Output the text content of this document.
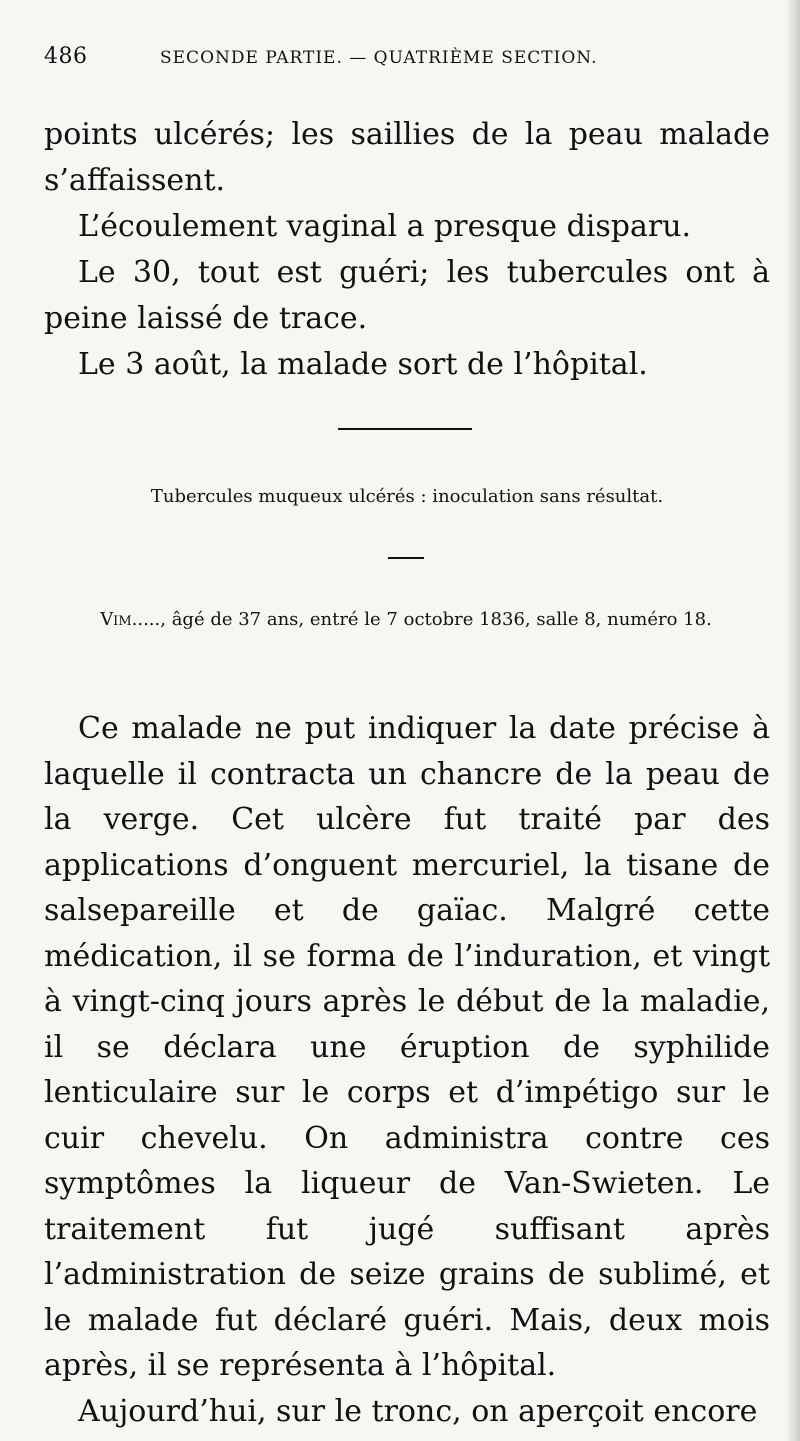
486	SECONDE PARTIE. — QUATRIÈME SECTION.

points ulcérés; les saillies de la peau malade s’affaissent.

L’écoulement vaginal a presque disparu.

Le 30, tout est guéri; les tubercules ont à peine laissé de trace.

Le 3 août, la malade sort de l’hôpital.

Tubercules muqueux ulcérés : inoculation sans résultat.
Vim....., âgé de 37 ans, entré le 7 octobre 1836, salle 8, numéro 18.

Ce malade ne put indiquer la date précise à laquelle il contracta un chancre de la peau de la verge. Cet ulcère fut traité par des applications d’onguent mercuriel, la tisane de salsepareille et de gaïac. Malgré cette médication, il se forma de l’induration, et vingt à vingt-cinq jours après le début de la maladie, il se déclara une éruption de syphilide lenticulaire sur le corps et d’impétigo sur le cuir chevelu. On administra contre ces symptômes la liqueur de Van-Swieten. Le traitement fut jugé suffisant après l’administration de seize grains de sublimé, et le malade fut déclaré guéri. Mais, deux mois après, il se représenta à l’hôpital.

Aujourd’hui, sur le tronc, on aperçoit encore
